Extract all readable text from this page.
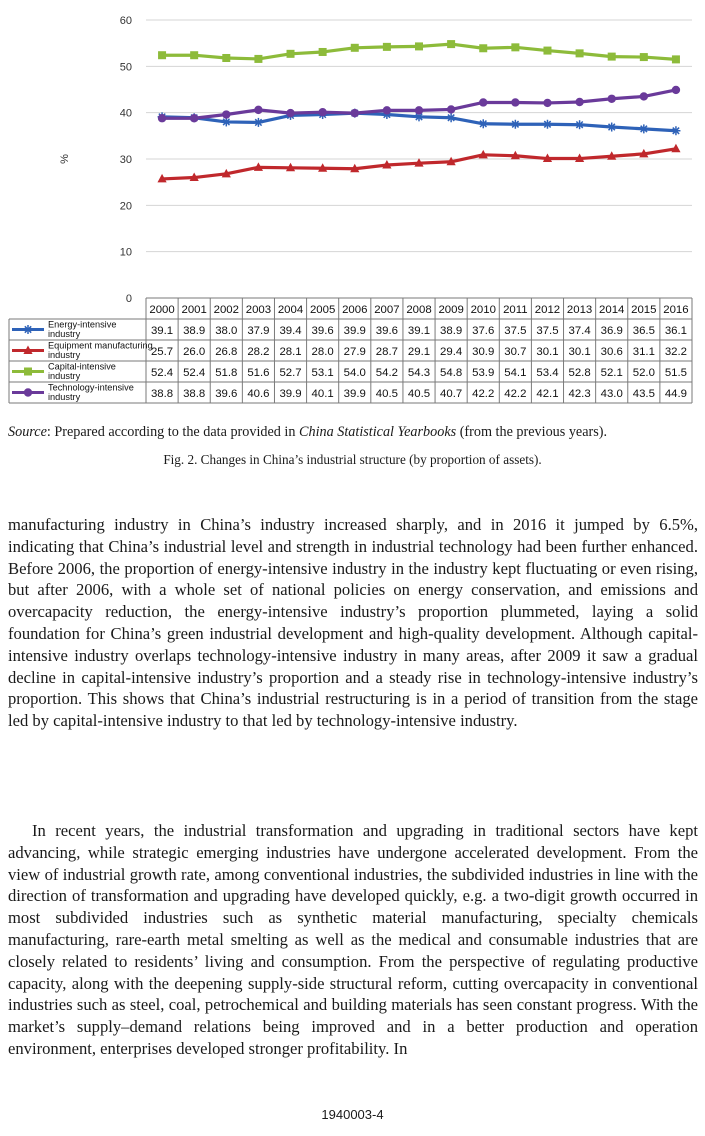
0
10
20
30
40
50
60
%
2000 2001 2002 2003 2004 2005 2006 2007 2008 2009 2010 2011 2012 2013 2014 2015 2016
39.1 38.9 38.0 37.9 39.4 39.6 39.9 39.6 39.1 38.9 37.6 37.5 37.5 37.4 36.9 36.5 36.1
25.7 26.0 26.8 28.2 28.1 28.0 27.9 28.7 29.1 29.4 30.9 30.7 30.1 30.1 30.6 31.1 32.2
52.4 52.4 51.8 51.6 52.7 53.1 54.0 54.2 54.3 54.8 53.9 54.1 53.4 52.8 52.1 52.0 51.5
38.8 38.8 39.6 40.6 39.9 40.1 39.9 40.5 40.5 40.7 42.2 42.2 42.1 42.3 43.0 43.5 44.9
Energy-intensive industry
Equipment manufacturing industry
Capital-intensive industry
Technology-intensive industry
Source: Prepared according to the data provided in China Statistical Yearbooks (from the previous years).
Fig. 2. Changes in China’s industrial structure (by proportion of assets).

manufacturing industry in China’s industry increased sharply, and in 2016 it jumped by 6.5%, indicating that China’s industrial level and strength in industrial technology had been further enhanced. Before 2006, the proportion of energy-intensive industry in the industry kept fluctuating or even rising, but after 2006, with a whole set of national policies on energy conservation, and emissions and overcapacity reduction, the energy-intensive industry’s proportion plummeted, laying a solid foundation for China’s green industrial development and high-quality development. Although capital-intensive industry overlaps technology-intensive industry in many areas, after 2009 it saw a gradual decline in capital-intensive industry’s proportion and a steady rise in technology-intensive industry’s proportion. This shows that China’s industrial restructuring is in a period of transition from the stage led by capital-intensive industry to that led by technology-intensive industry.

In recent years, the industrial transformation and upgrading in traditional sectors have kept advancing, while strategic emerging industries have undergone accelerated development. From the view of industrial growth rate, among conventional industries, the subdivided industries in line with the direction of transformation and upgrading have developed quickly, e.g. a two-digit growth occurred in most subdivided industries such as synthetic material manufacturing, specialty chemicals manufacturing, rare-earth metal smelting as well as the medical and consumable industries that are closely related to residents’ living and consumption. From the perspective of regulating productive capacity, along with the deepening supply-side structural reform, cutting overcapacity in conventional industries such as steel, coal, petrochemical and building materials has seen constant progress. With the market’s supply–demand relations being improved and in a better production and operation environment, enterprises developed stronger profitability. In

1940003-4
